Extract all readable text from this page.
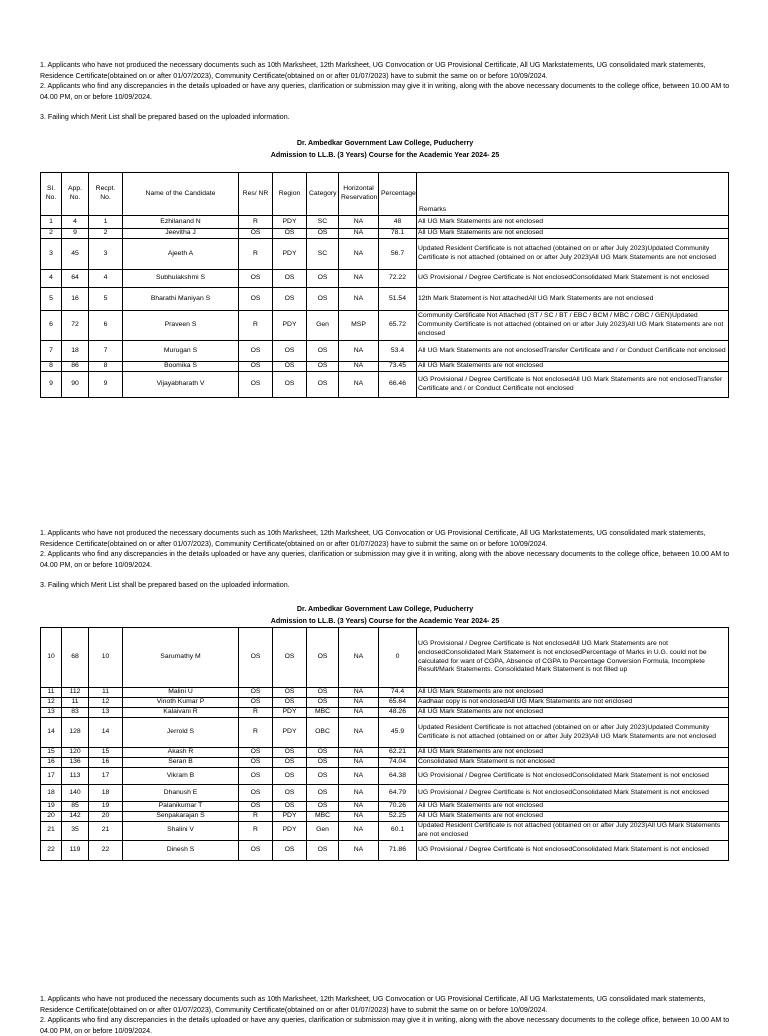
1. Applicants who have not produced the necessary documents such as 10th Marksheet, 12th Marksheet, UG Convocation or UG Provisional Certificate, All UG Markstatements, UG consolidated mark statements, Residence Certificate(obtained on or after 01/07/2023), Community Certificate(obtained on or after 01/07/2023) have to submit the same on or before 10/09/2024.

2. Applicants who find any discrepancies in the details uploaded or have any queries, clarification or submission may give it in writing, along with the above necessary documents to the college office, between 10.00 AM to 04.00 PM, on or before 10/09/2024.

3. Failing which Merit List shall be prepared based on the uploaded information.

Dr. Ambedkar Government Law College, Puducherry
Admission to LL.B. (3 Years) Course for the Academic Year 2024- 25
Sl. No.	App. No.	Recpt. No.	Name of the Candidate	Res/ NR	Region	Category	Horizontal Reservation	Percentage	Remarks
1	4	1	Ezhilanand N	R	PDY	SC	NA	48	All UG Mark Statements are not enclosed
2	9	2	Jeevitha J	OS	OS	OS	NA	78.1	All UG Mark Statements are not enclosed
3	45	3	Ajeeth A	R	PDY	SC	NA	56.7	Updated Resident Certificate is not attached (obtained on or after July 2023)Updated Community Certificate is not attached (obtained on or after July 2023)All UG Mark Statements are not enclosed
4	64	4	Subhulakshmi S	OS	OS	OS	NA	72.22	UG Provisional / Degree Certificate is Not enclosedConsolidated Mark Statement is not enclosed
5	16	5	Bharathi Maniyan S	OS	OS	OS	NA	51.54	12th Mark Statement is Not attachedAll UG Mark Statements are not enclosed
6	72	6	Praveen S	R	PDY	Gen	MSP	65.72	Community Certificate Not Attached (ST / SC / BT / EBC / BCM / MBC / OBC / GEN)Updated Community Certificate is not attached (obtained on or after July 2023)All UG Mark Statements are not enclosed
7	18	7	Murugan S	OS	OS	OS	NA	53.4	All UG Mark Statements are not enclosedTransfer Certificate and / or Conduct Certificate not enclosed
8	86	8	Boomika S	OS	OS	OS	NA	73.45	All UG Mark Statements are not enclosed
9	90	9	Vijayabharath V	OS	OS	OS	NA	66.46	UG Provisional / Degree Certificate is Not enclosedAll UG Mark Statements are not enclosedTransfer Certificate and / or Conduct Certificate not enclosed

1. Applicants who have not produced the necessary documents such as 10th Marksheet, 12th Marksheet, UG Convocation or UG Provisional Certificate, All UG Markstatements, UG consolidated mark statements, Residence Certificate(obtained on or after 01/07/2023), Community Certificate(obtained on or after 01/07/2023) have to submit the same on or before 10/09/2024.

2. Applicants who find any discrepancies in the details uploaded or have any queries, clarification or submission may give it in writing, along with the above necessary documents to the college office, between 10.00 AM to 04.00 PM, on or before 10/09/2024.

3. Failing which Merit List shall be prepared based on the uploaded information.

Dr. Ambedkar Government Law College, Puducherry
Admission to LL.B. (3 Years) Course for the Academic Year 2024- 25
10	68	10	Sarumathy M	OS	OS	OS	NA	0	UG Provisional / Degree Certificate is Not enclosedAll UG Mark Statements are not enclosedConsolidated Mark Statement is not enclosedPercentage of Marks in U.G. could not be calculated for want of CGPA, Absence of CGPA to Percentage Conversion Formula, Incomplete Result/Mark Statements. Consolidated Mark Statement is not filled up
11	112	11	Malini U	OS	OS	OS	NA	74.4	All UG Mark Statements are not enclosed
12	11	12	Vinoth Kumar P	OS	OS	OS	NA	65.64	Aadhaar copy is not enclosedAll UG Mark Statements are not enclosed
13	83	13	Kalaivani R	R	PDY	MBC	NA	48.26	All UG Mark Statements are not enclosed
14	128	14	Jerrold S	R	PDY	OBC	NA	45.9	Updated Resident Certificate is not attached (obtained on or after July 2023)Updated Community Certificate is not attached (obtained on or after July 2023)All UG Mark Statements are not enclosed
15	120	15	Akash R	OS	OS	OS	NA	62.21	All UG Mark Statements are not enclosed
16	136	16	Seran B	OS	OS	OS	NA	74.04	Consolidated Mark Statement is not enclosed
17	113	17	Vikram B	OS	OS	OS	NA	64.38	UG Provisional / Degree Certificate is Not enclosedConsolidated Mark Statement is not enclosed
18	140	18	Dhanush E	OS	OS	OS	NA	64.79	UG Provisional / Degree Certificate is Not enclosedConsolidated Mark Statement is not enclosed
19	85	19	Palanikumar T	OS	OS	OS	NA	70.26	All UG Mark Statements are not enclosed
20	142	20	Senpakarajan S	R	PDY	MBC	NA	52.25	All UG Mark Statements are not enclosed
21	35	21	Shalini V	R	PDY	Gen	NA	60.1	Updated Resident Certificate is not attached (obtained on or after July 2023)All UG Mark Statements are not enclosed
22	119	22	Dinesh S	OS	OS	OS	NA	71.86	UG Provisional / Degree Certificate is Not enclosedConsolidated Mark Statement is not enclosed

1. Applicants who have not produced the necessary documents such as 10th Marksheet, 12th Marksheet, UG Convocation or UG Provisional Certificate, All UG Markstatements, UG consolidated mark statements, Residence Certificate(obtained on or after 01/07/2023), Community Certificate(obtained on or after 01/07/2023) have to submit the same on or before 10/09/2024.

2. Applicants who find any discrepancies in the details uploaded or have any queries, clarification or submission may give it in writing, along with the above necessary documents to the college office, between 10.00 AM to 04.00 PM, on or before 10/09/2024.
